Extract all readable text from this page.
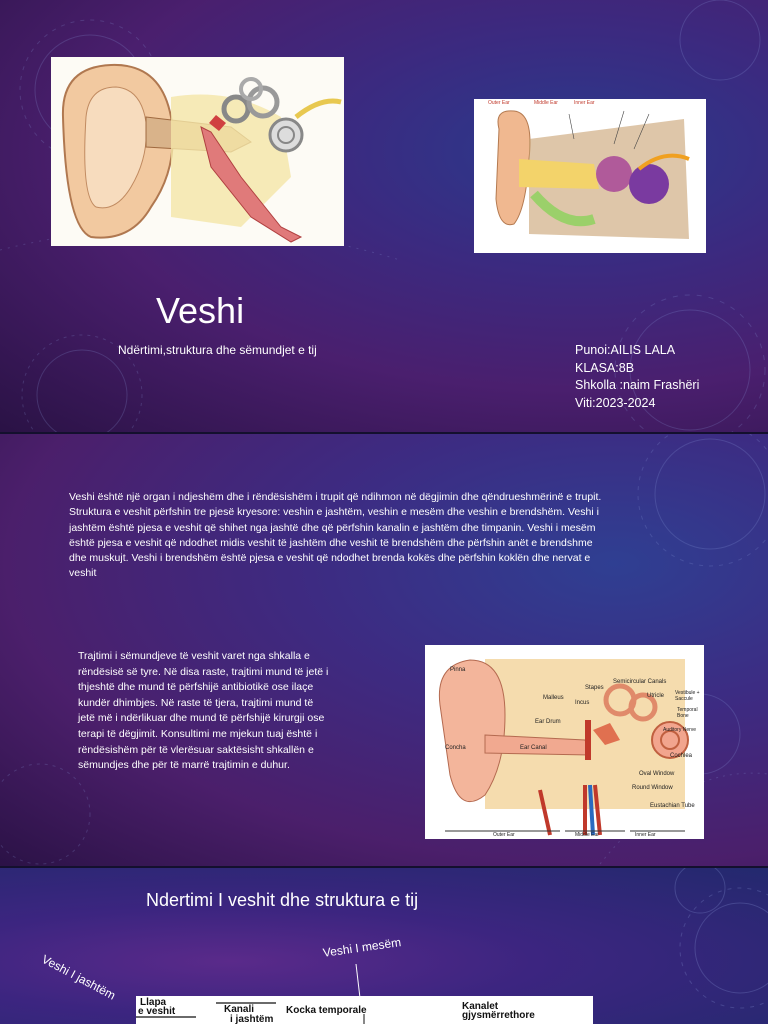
Outer Ear	Middle Ear	Inner Ear
Veshi
Ndërtimi,struktura dhe sëmundjet e tij	Punoi:AILIS LALA
KLASA:8B
Shkolla :naim Frashëri
Viti:2023-2024
Veshi është një organ i ndjeshëm dhe i rëndësishëm i trupit që ndihmon në dëgjimin dhe qëndrueshmërinë e trupit. Struktura e veshit përfshin tre pjesë kryesore: veshin e jashtëm, veshin e mesëm dhe veshin e brendshëm. Veshi i jashtëm është pjesa e veshit që shihet nga jashtë dhe që përfshin kanalin e jashtëm dhe timpanin. Veshi i mesëm është pjesa e veshit që ndodhet midis veshit të jashtëm dhe veshit të brendshëm dhe përfshin anët e brendshme dhe muskujt. Veshi i brendshëm është pjesa e veshit që ndodhet brenda kokës dhe përfshin koklën dhe nervat e veshit
Trajtimi i sëmundjeve të veshit varet nga shkalla e rëndësisë së tyre. Në disa raste, trajtimi mund të jetë i thjeshtë dhe mund të përfshijë antibiotikë ose ilaçe kundër dhimbjes. Në raste të tjera, trajtimi mund të jetë më i ndërlikuar dhe mund të përfshijë kirurgji ose terapi të dëgjimit. Konsultimi me mjekun tuaj është i rëndësishëm për të vlerësuar saktësisht shkallën e sëmundjes dhe për të marrë trajtimin e duhur.
Pinna
Stapes
Semicircular Canals
Malleus	Utricle Vestibule + Saccule
Incus
Temporal Bone
Ear Drum
Auditory Nerve
Concha	Ear Canal
Cochlea
Oval Window
Round Window
Eustachian Tube
Outer Ear	Middle Ear	Inner Ear
Ndertimi I veshit dhe struktura e tij
Veshi I jashtëm
Veshi I mesëm
Llapa
e veshit	Kanali
i jashtëm
Kocka temporale	Kanalet
gjysmërrethore
